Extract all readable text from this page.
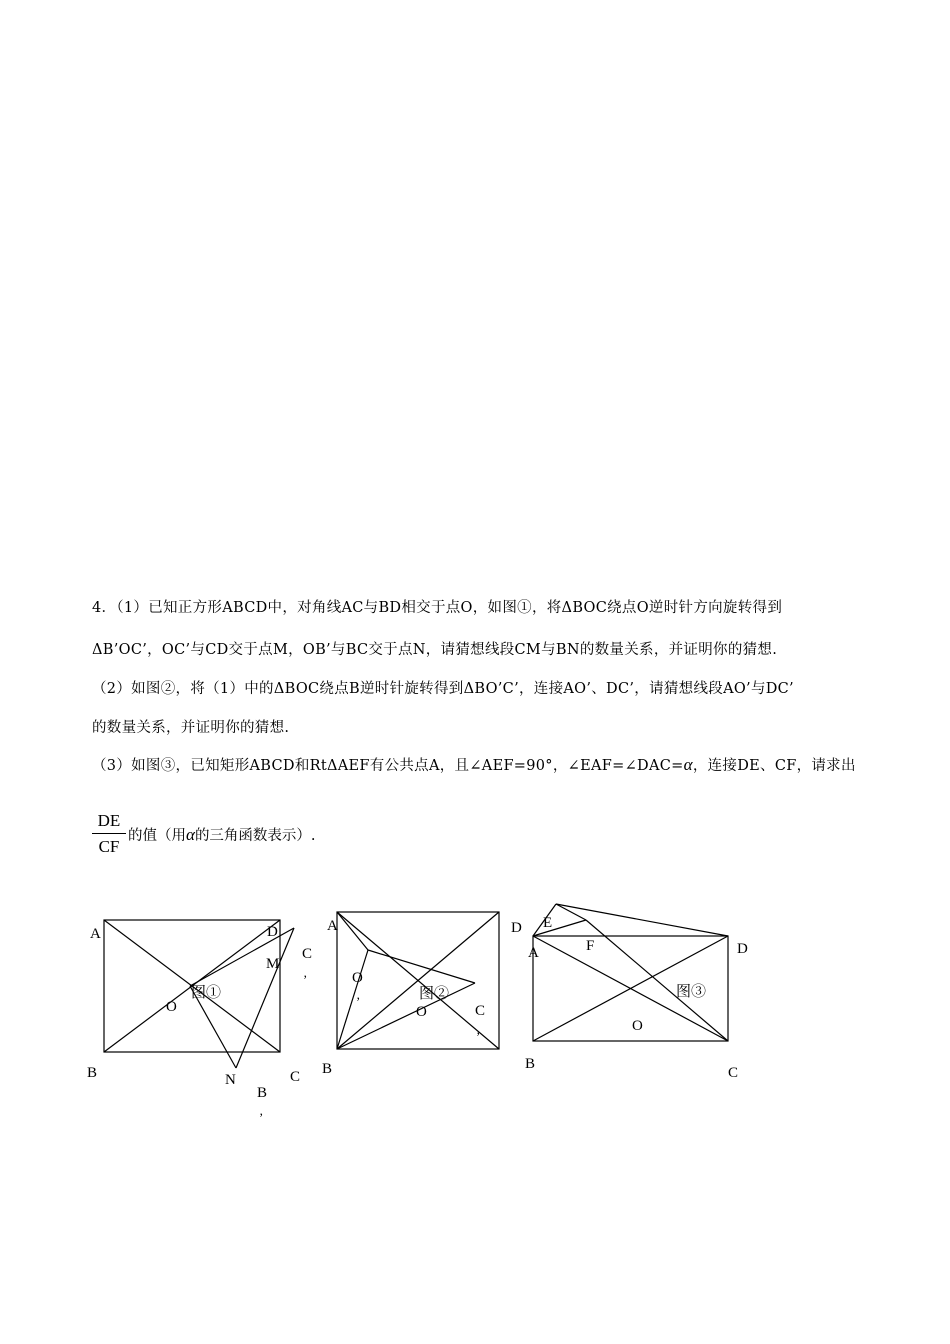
4．（1）已知正方形ABCD中，对角线AC与BD相交于点O，如图①，将ΔBOC绕点O逆时针方向旋转得到

ΔB’OC’，OC’与CD交于点M，OB’与BC交于点N，请猜想线段CM与BN的数量关系，并证明你的猜想.

（2）如图②，将（1）中的ΔBOC绕点B逆时针旋转得到ΔBO’C’，连接AO’、DC’，请猜想线段AO’与DC’

的数量关系，并证明你的猜想.

（3）如图③，已知矩形ABCD和RtΔAEF有公共点A，且∠AEF=90°，∠EAF=∠DAC=α，连接DE、CF，请求出

$\frac{DE}{CF}$ 的值（用α的三角函数表示）.
A	D
C
’
M
图①
O
B	N	C
B
’
A
O
’	图②
O	C
’
B
D E
A	F	D
图③
O
B
C
